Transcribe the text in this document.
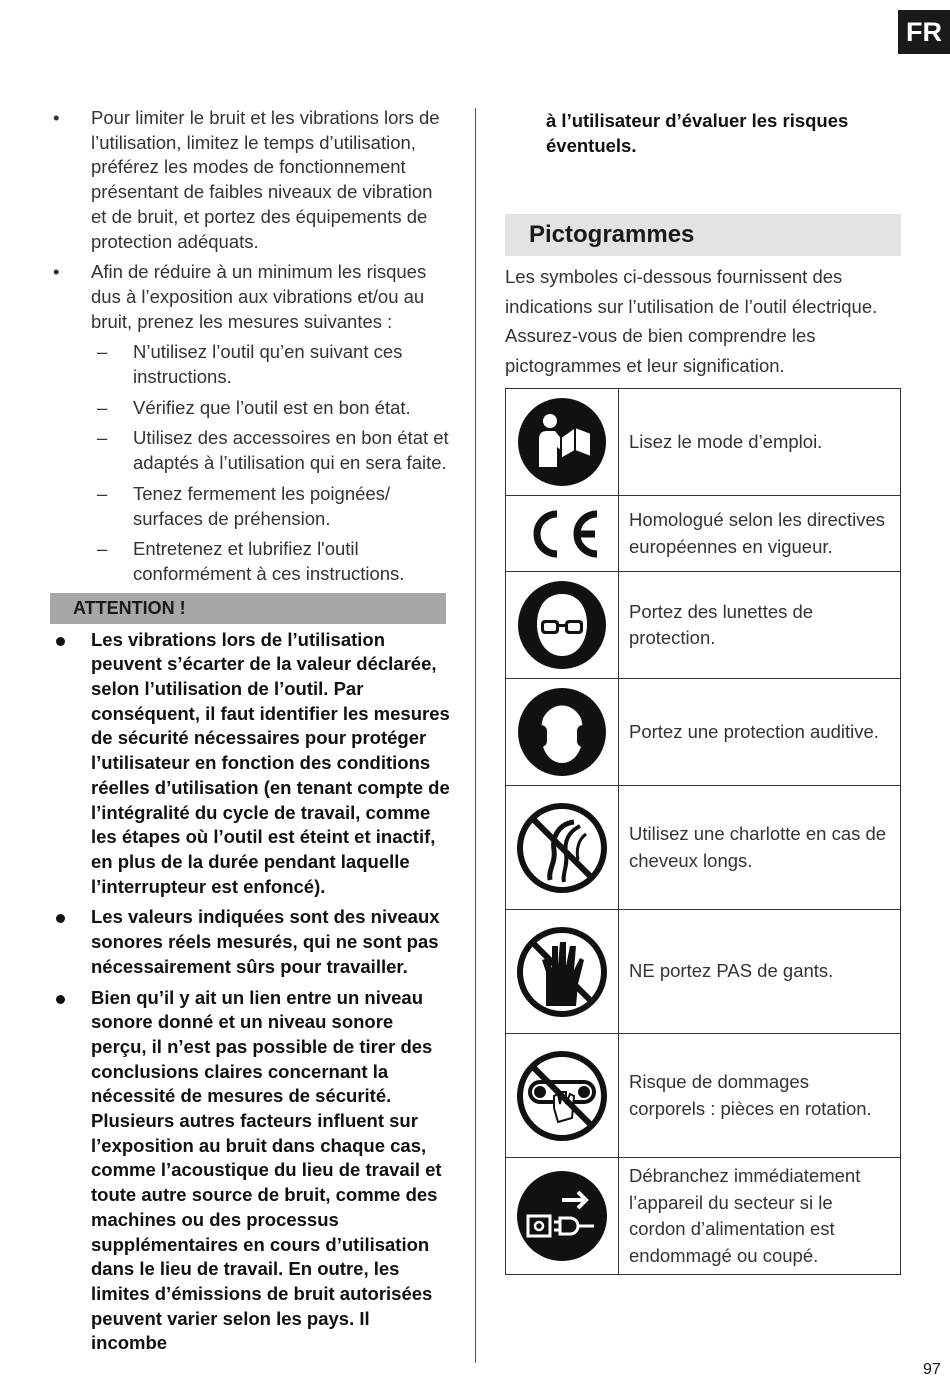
FR
• Pour limiter le bruit et les vibrations lors de l’utilisation, limitez le temps d’utilisation, préférez les modes de fonctionnement présentant de faibles niveaux de vibration et de bruit, et portez des équipements de protection adéquats.
• Afin de réduire à un minimum les risques dus à l’exposition aux vibrations et/ou au bruit, prenez les mesures suivantes :
– N’utilisez l’outil qu’en suivant ces instructions.
– Vérifiez que l’outil est en bon état.
– Utilisez des accessoires en bon état et adaptés à l’utilisation qui en sera faite.
– Tenez fermement les poignées/ surfaces de préhension.
– Entretenez et lubrifiez l'outil conformément à ces instructions.
ATTENTION !
Les vibrations lors de l’utilisation peuvent s’écarter de la valeur déclarée, selon l’utilisation de l’outil. Par conséquent, il faut identifier les mesures de sécurité nécessaires pour protéger l’utilisateur en fonction des conditions réelles d’utilisation (en tenant compte de l’intégralité du cycle de travail, comme les étapes où l’outil est éteint et inactif, en plus de la durée pendant laquelle l’interrupteur est enfoncé).
Les valeurs indiquées sont des niveaux sonores réels mesurés, qui ne sont pas nécessairement sûrs pour travailler.
Bien qu’il y ait un lien entre un niveau sonore donné et un niveau sonore perçu, il n’est pas possible de tirer des conclusions claires concernant la nécessité de mesures de sécurité. Plusieurs autres facteurs influent sur l’exposition au bruit dans chaque cas, comme l’acoustique du lieu de travail et toute autre source de bruit, comme des machines ou des processus supplémentaires en cours d’utilisation dans le lieu de travail. En outre, les limites d’émissions de bruit autorisées peuvent varier selon les pays. Il incombe
à l’utilisateur d’évaluer les risques éventuels.
Pictogrammes
Les symboles ci-dessous fournissent des indications sur l’utilisation de l’outil électrique. Assurez-vous de bien comprendre les pictogrammes et leur signification.
	Lisez le mode d’emploi.

	Homologué selon les directives européennes en vigueur.

	Portez des lunettes de protection.

	Portez une protection auditive.

	Utilisez une charlotte en cas de cheveux longs.

	NE portez PAS de gants.

	Risque de dommages corporels : pièces en rotation.

	Débranchez immédiatement l’appareil du secteur si le cordon d’alimentation est endommagé ou coupé.
97
